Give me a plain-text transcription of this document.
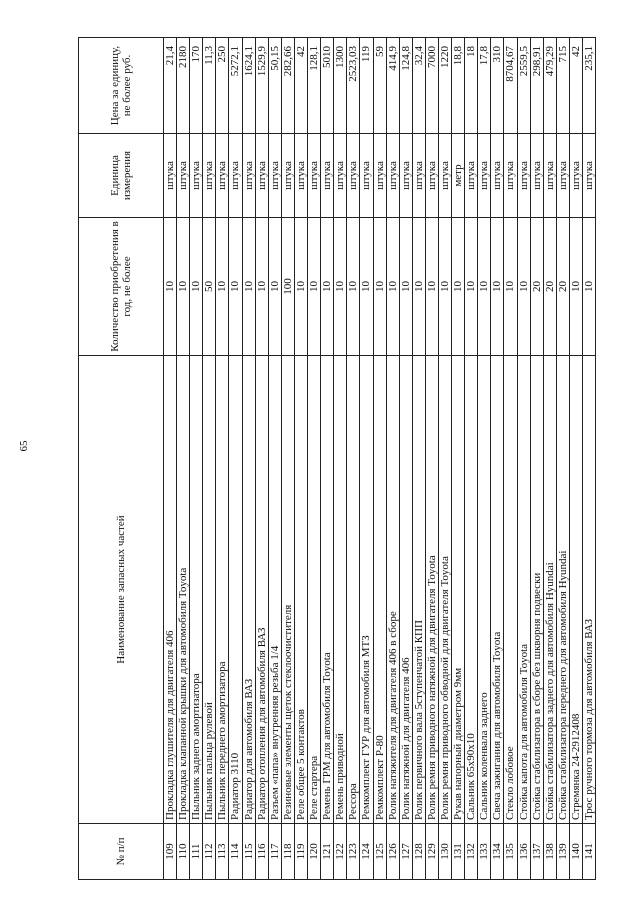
65
№ п/п	Наименование запасных частей	Количество приобретения в год, не более	Единица измерения	Цена за единицу, не более руб.
109	Прокладка глушителя для двигателя 406	10	штука	21,4
110	Прокладка клапанной крышки для автомобиля Toyota	10	штука	2180
111	Пыльник заднего амортизатора	10	штука	170
112	Пыльник пальца рулевой	50	штука	11,3
113	Пыльник переднего амортизатора	10	штука	250
114	Радиатор 3110	10	штука	5272,1
115	Радиатор для автомобиля ВАЗ	10	штука	1624,1
116	Радиатор отопления для автомобиля ВАЗ	10	штука	1529,9
117	Разъем «папа» внутренняя резьба 1/4	10	штука	50,15
118	Резиновые элементы щеток стеклоочистителя	100	штука	282,66
119	Реле общее 5 контактов	10	штука	42
120	Реле стартера	10	штука	128,1
121	Ремень ГРМ для автомобиля Toyota	10	штука	5010
122	Ремень приводной	10	штука	1300
123	Рессора	10	штука	2523,03
124	Ремкомплект ГУР для автомобиля МТЗ	10	штука	119
125	Ремкомплект Р-80	10	штука	59
126	Ролик натяжителя для двигателя 406 в сборе	10	штука	414,9
127	Ролик натяжной для двигателя 406	10	штука	124,8
128	Ролик первичного вала 5ступенчатой КПП	10	штука	32,4
129	Ролик ремня приводного натяжной для двигателя Toyota	10	штука	7000
130	Ролик ремня приводного обводной для двигателя Toyota	10	штука	1220
131	Рукав напорный диаметром 9мм	10	метр	18,8
132	Сальник 65x90x10	10	штука	18
133	Сальник коленвала заднего	10	штука	17,8
134	Свеча зажигания для автомобиля Toyota	10	штука	310
135	Стекло лобовое	10	штука	8704,67
136	Стойка капота для автомобиля Toyota	10	штука	2559,5
137	Стойка стабилизатора в сборе без шкворня подвески	20	штука	298,91
138	Стойка стабилизатора заднего для автомобиля Hyundai	20	штука	479,29
139	Стойка стабилизатора переднего для автомобиля Hyundai	20	штука	715
140	Стремянка 24-2912408	10	штука	42
141	Трос ручного тормоза для автомобиля ВАЗ	10	штука	235,1
